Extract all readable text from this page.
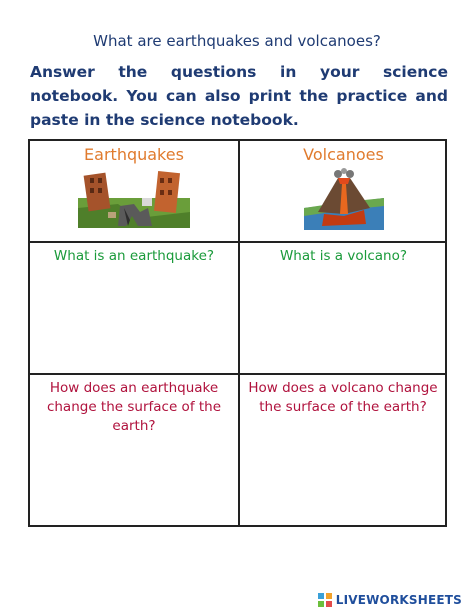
What are earthquakes and volcanoes?
Answer the questions in your science notebook. You can also print the practice and paste in the science notebook.
Earthquakes	Volcanoes
What is an earthquake?	What is a volcano?
How does an earthquake change the surface of the earth?
How does a volcano change the surface of the earth?
LIVEWORKSHEETS
